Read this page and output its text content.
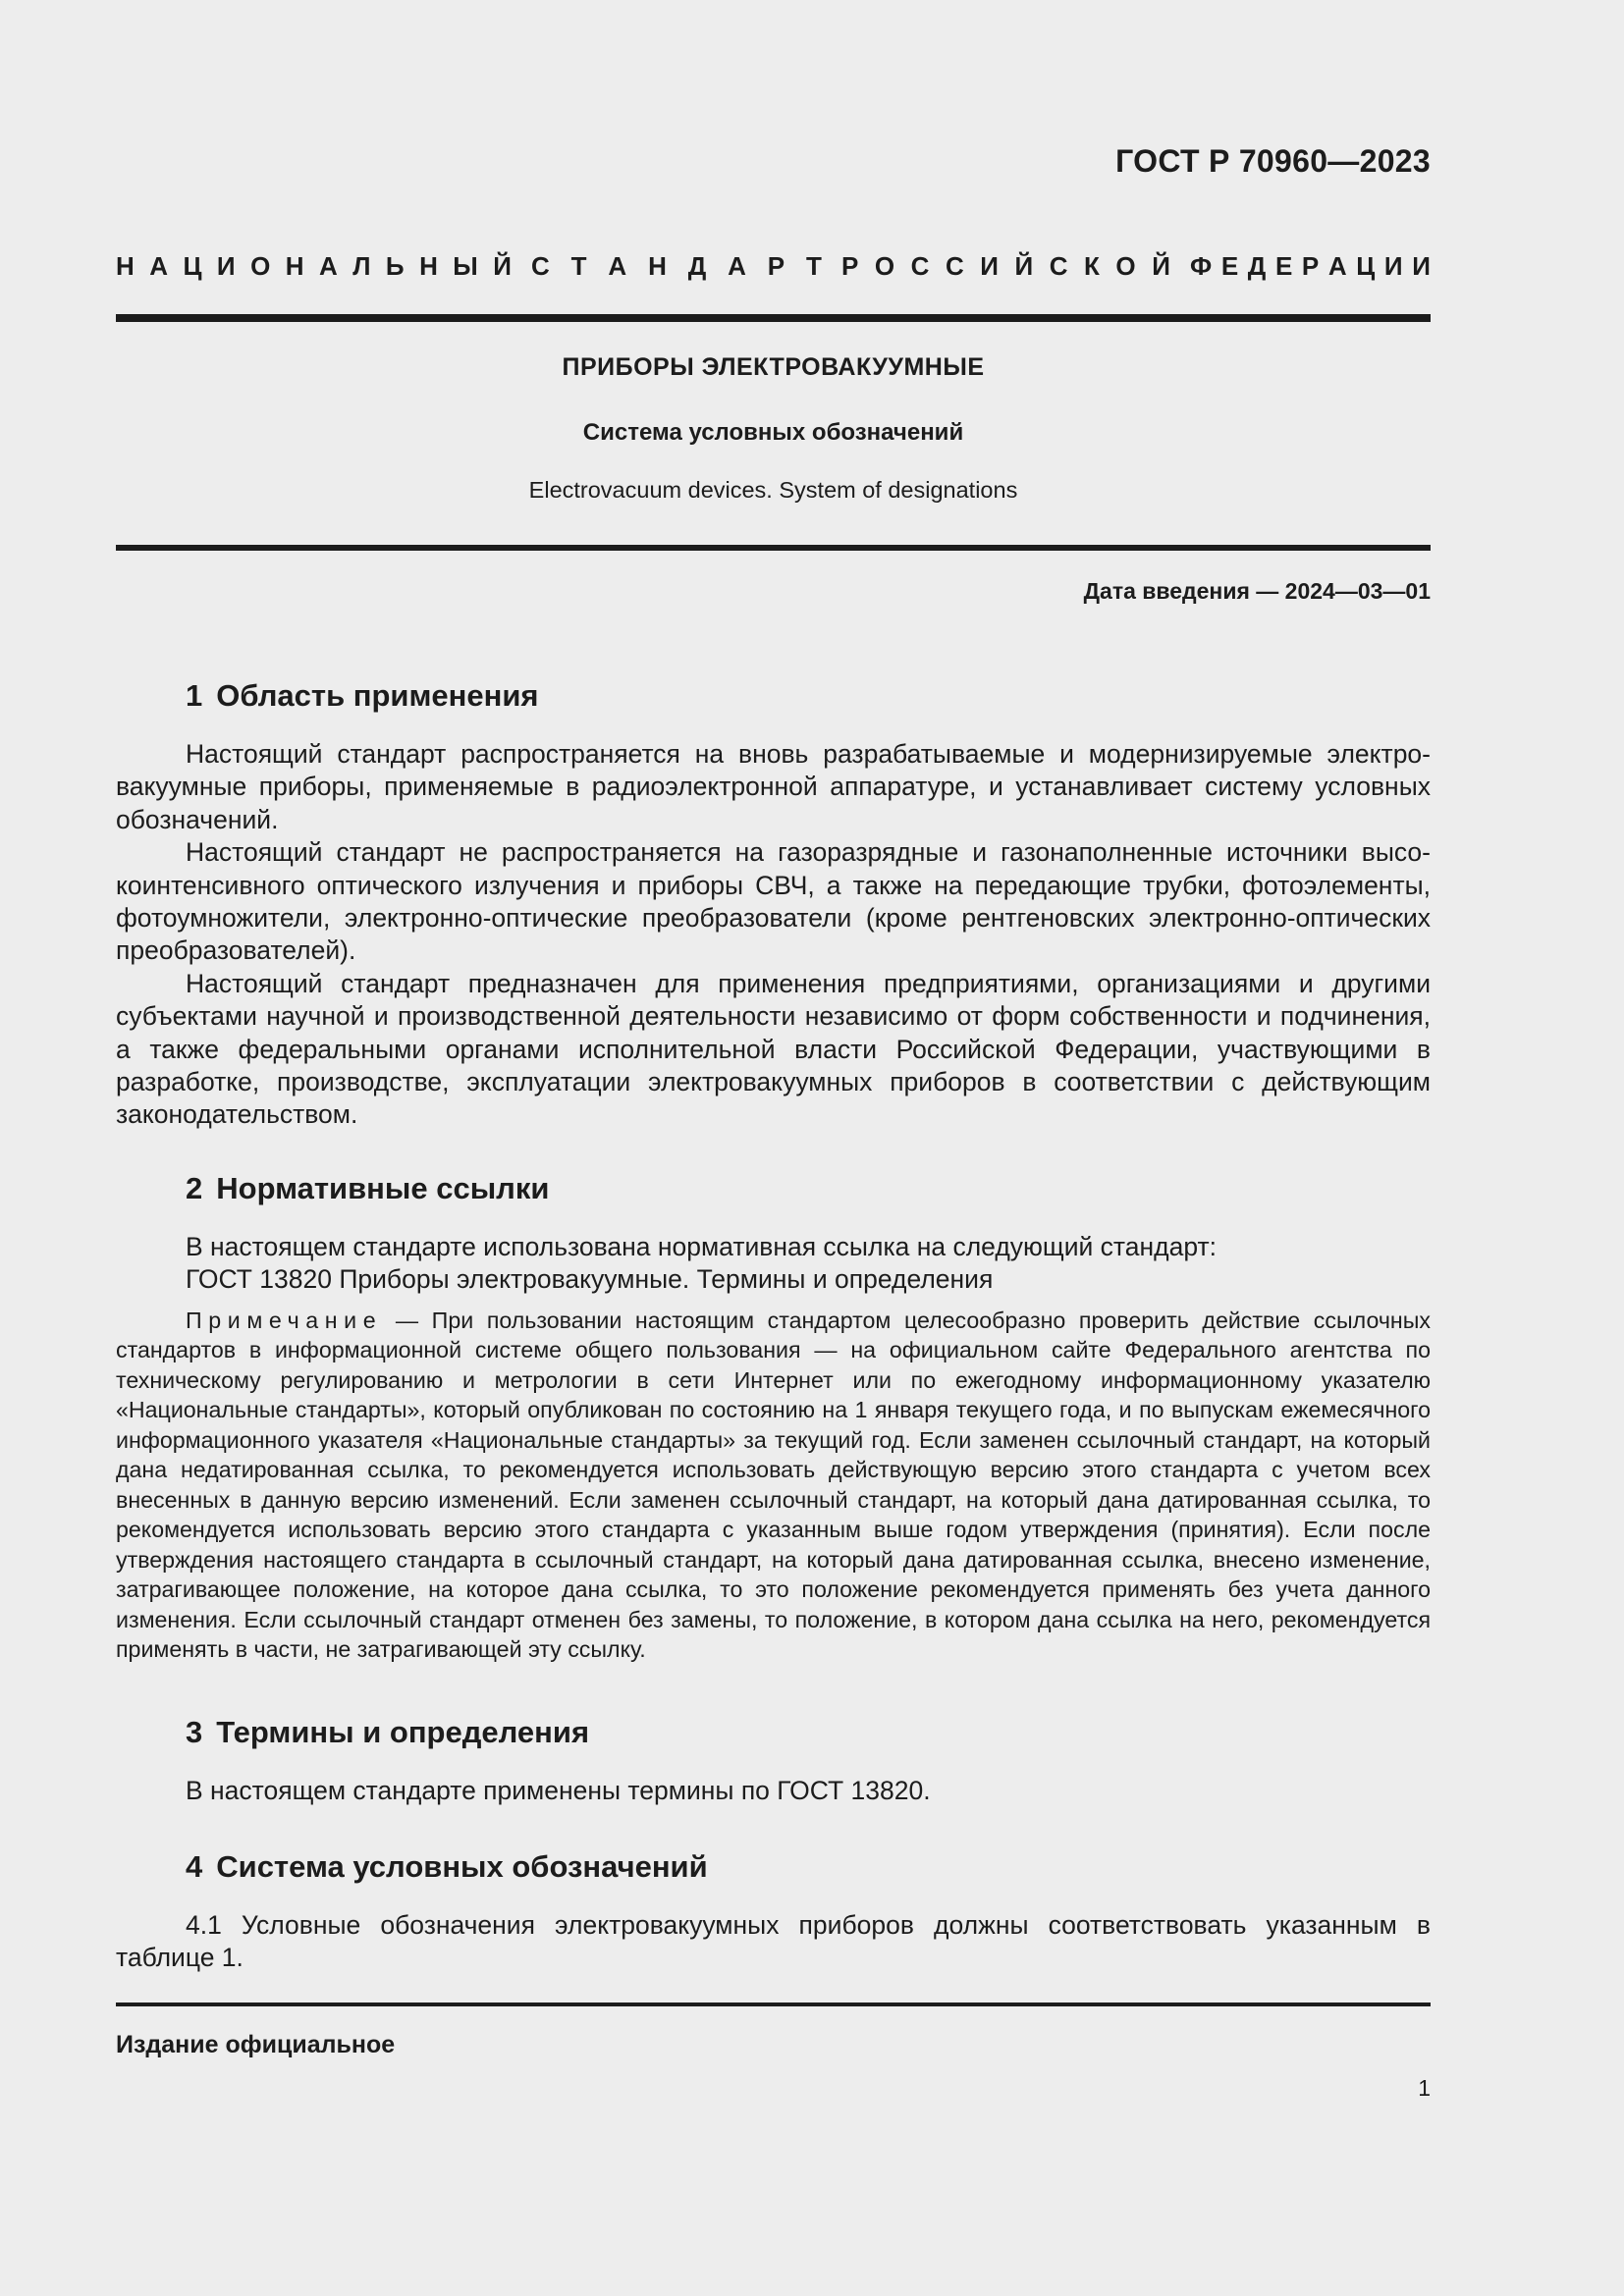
ГОСТ Р 70960—2023
Н А Ц И О Н А Л Ь Н Ы Й С Т А Н Д А Р Т Р О С С И Й С К О Й Ф Е Д Е Р А Ц И И
ПРИБОРЫ ЭЛЕКТРОВАКУУМНЫЕ
Система условных обозначений
Electrovacuum devices. System of designations
Дата введения — 2024—03—01
1 Область применения

Настоящий стандарт распространяется на вновь разрабатываемые и модернизируемые электровакуумные приборы, применяемые в радиоэлектронной аппаратуре, и устанавливает систему условных обозначений.

Настоящий стандарт не распространяется на газоразрядные и газонаполненные источники высокоинтенсивного оптического излучения и приборы СВЧ, а также на передающие трубки, фотоэлементы, фотоумножители, электронно-оптические преобразователи (кроме рентгеновских электронно-оптических преобразователей).

Настоящий стандарт предназначен для применения предприятиями, организациями и другими субъектами научной и производственной деятельности независимо от форм собственности и подчинения, а также федеральными органами исполнительной власти Российской Федерации, участвующими в разработке, производстве, эксплуатации электровакуумных приборов в соответствии с действующим законодательством.

2 Нормативные ссылки

В настоящем стандарте использована нормативная ссылка на следующий стандарт:

ГОСТ 13820 Приборы электровакуумные. Термины и определения

Примечание — При пользовании настоящим стандартом целесообразно проверить действие ссылочных стандартов в информационной системе общего пользования — на официальном сайте Федерального агентства по техническому регулированию и метрологии в сети Интернет или по ежегодному информационному указателю «Национальные стандарты», который опубликован по состоянию на 1 января текущего года, и по выпускам ежемесячного информационного указателя «Национальные стандарты» за текущий год. Если заменен ссылочный стандарт, на который дана недатированная ссылка, то рекомендуется использовать действующую версию этого стандарта с учетом всех внесенных в данную версию изменений. Если заменен ссылочный стандарт, на который дана датированная ссылка, то рекомендуется использовать версию этого стандарта с указанным выше годом утверждения (принятия). Если после утверждения настоящего стандарта в ссылочный стандарт, на который дана датированная ссылка, внесено изменение, затрагивающее положение, на которое дана ссылка, то это положение рекомендуется применять без учета данного изменения. Если ссылочный стандарт отменен без замены, то положение, в котором дана ссылка на него, рекомендуется применять в части, не затрагивающей эту ссылку.

3 Термины и определения

В настоящем стандарте применены термины по ГОСТ 13820.

4 Система условных обозначений

4.1 Условные обозначения электровакуумных приборов должны соответствовать указанным в таблице 1.

Издание официальное
1
